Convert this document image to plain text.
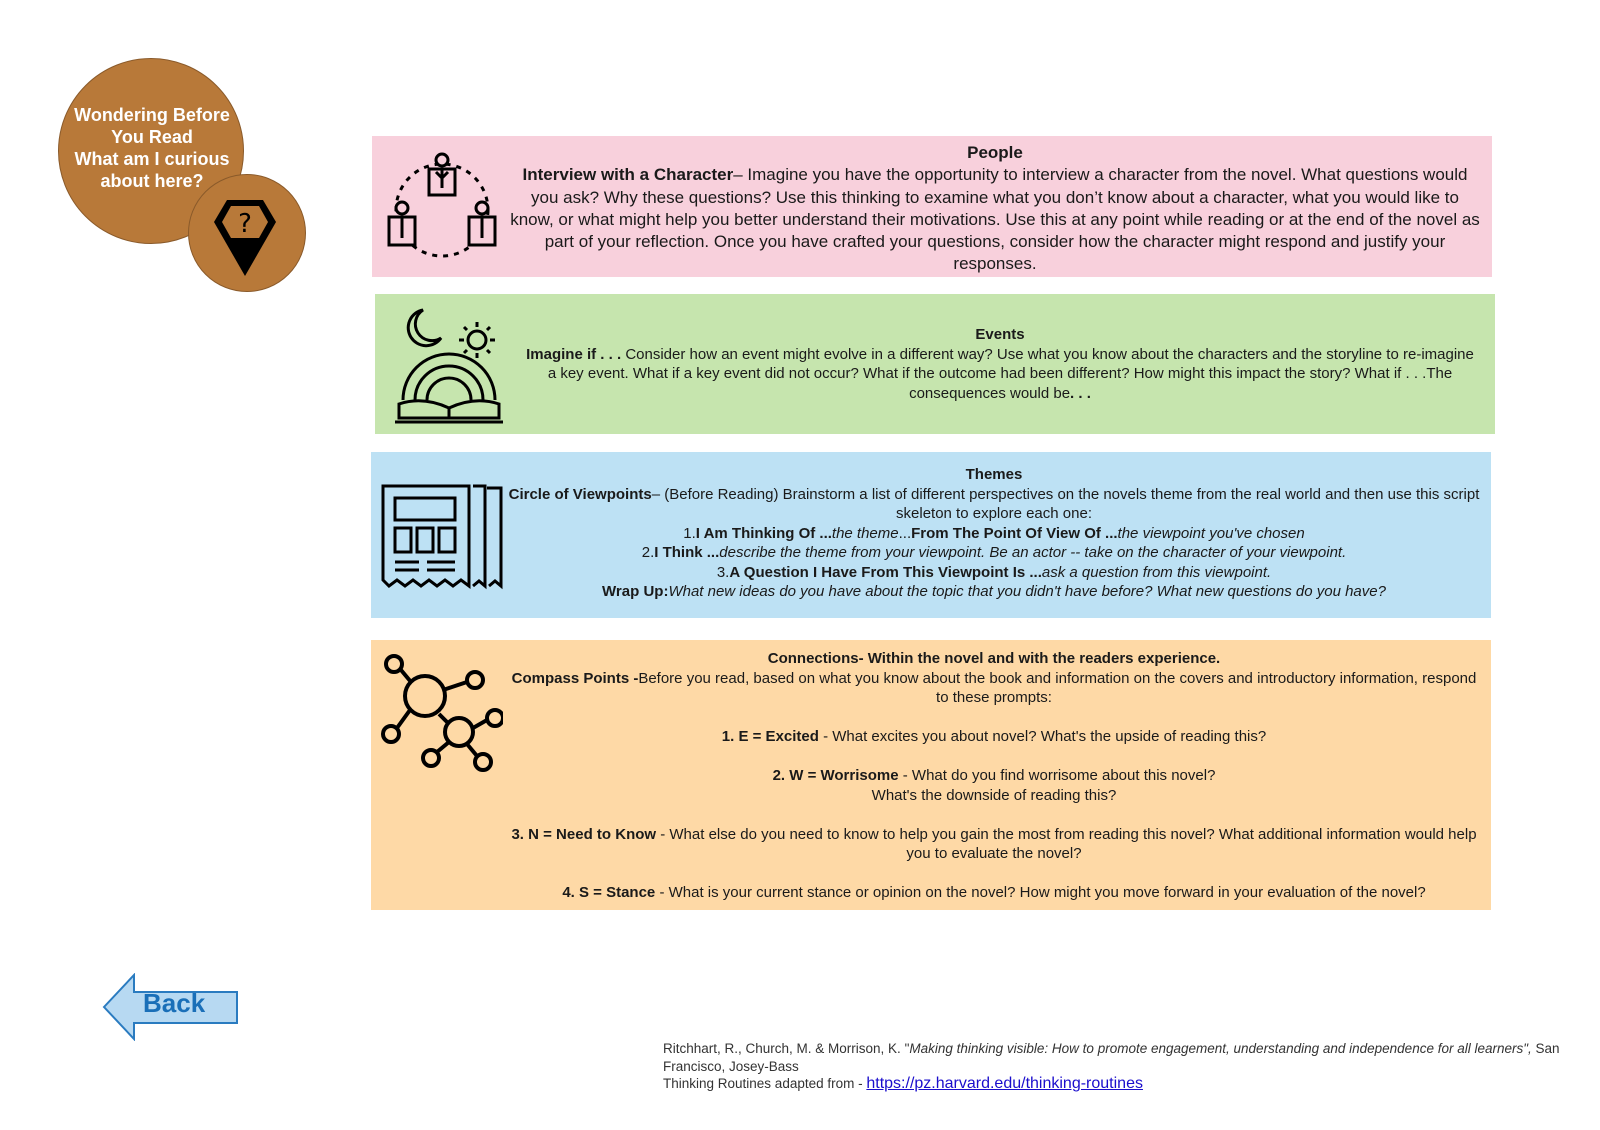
Wondering Before
You Read
What am I curious
about here?
?
People
Interview with a Character– Imagine you have the opportunity to interview a character from the novel. What questions would you ask? Why these questions? Use this thinking to examine what you don’t know about a character, what you would like to know, or what might help you better understand their motivations. Use this at any point while reading or at the end of the novel as part of your reflection. Once you have crafted your questions, consider how the character might respond and justify your responses.
Events
Imagine if . . . Consider how an event might evolve in a different way? Use what you know about the characters and the storyline to re-imagine a key event. What if a key event did not occur? What if the outcome had been different? How might this impact the story? What if . . .The consequences would be. . .
Themes
Circle of Viewpoints– (Before Reading) Brainstorm a list of different perspectives on the novels theme from the real world and then use this script skeleton to explore each one:
1.I Am Thinking Of ...the theme...From The Point Of View Of ...the viewpoint you've chosen
2.I Think ...describe the theme from your viewpoint. Be an actor -- take on the character of your viewpoint.
3.A Question I Have From This Viewpoint Is ...ask a question from this viewpoint.
Wrap Up:What new ideas do you have about the topic that you didn't have before? What new questions do you have?
Connections- Within the novel and with the readers experience.
Compass Points -Before you read, based on what you know about the book and information on the covers and introductory information, respond to these prompts:
1. E = Excited - What excites you about novel? What's the upside of reading this?
2. W = Worrisome - What do you find worrisome about this novel?
What's the downside of reading this?
3. N = Need to Know - What else do you need to know to help you gain the most from reading this novel? What additional information would help you to evaluate the novel?
4. S = Stance - What is your current stance or opinion on the novel? How might you move forward in your evaluation of the novel?
Back
Ritchhart, R., Church, M. & Morrison, K. "Making thinking visible: How to promote engagement, understanding and independence for all learners", San Francisco, Josey-Bass
Thinking Routines adapted from - https://pz.harvard.edu/thinking-routines
